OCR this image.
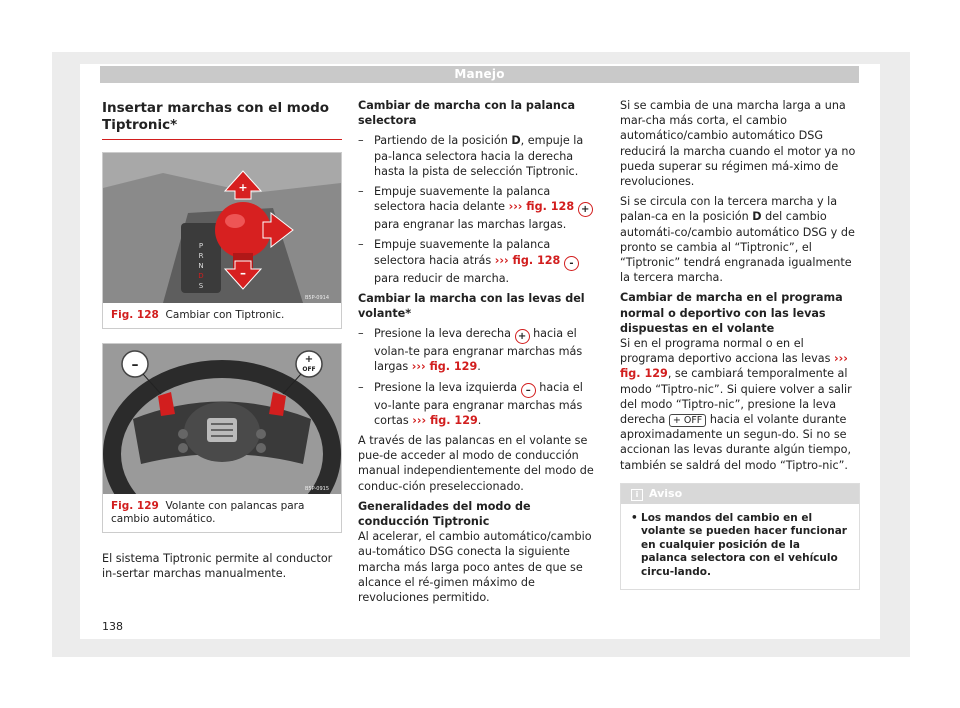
Manejo
Insertar marchas con el modo Tiptronic*
P
R
N
D
S
+
–
B5P-0914
Fig. 128 Cambiar con Tiptronic.
–	+
OFF
B5P-0915
Fig. 129 Volante con palancas para cambio automático.

El sistema Tiptronic permite al conductor in-sertar marchas manualmente.

Cambiar de marcha con la palanca selectora

– Partiendo de la posición D, empuje la pa-lanca selectora hacia la derecha hasta la pista de selección Tiptronic.
– Empuje suavemente la palanca selectora hacia delante ››› fig. 128 + para engranar las marchas largas.
– Empuje suavemente la palanca selectora hacia atrás ››› fig. 128 - para reducir de marcha.

Cambiar la marcha con las levas del volante*

– Presione la leva derecha + hacia el volan-te para engranar marchas más largas ››› fig. 129.
– Presione la leva izquierda – hacia el vo-lante para engranar marchas más cortas ››› fig. 129.

A través de las palancas en el volante se pue-de acceder al modo de conducción manual independientemente del modo de conduc-ción preseleccionado.

Generalidades del modo de conducción Tiptronic

Al acelerar, el cambio automático/cambio au-tomático DSG conecta la siguiente marcha más larga poco antes de que se alcance el ré-gimen máximo de revoluciones permitido.

Si se cambia de una marcha larga a una mar-cha más corta, el cambio automático/cambio automático DSG reducirá la marcha cuando el motor ya no pueda superar su régimen má-ximo de revoluciones.

Si se circula con la tercera marcha y la palan-ca en la posición D del cambio automáti-co/cambio automático DSG y de pronto se cambia al “Tiptronic”, el “Tiptronic” tendrá engranada igualmente la tercera marcha.

Cambiar de marcha en el programa normal o deportivo con las levas dispuestas en el volante

Si en el programa normal o en el programa deportivo acciona las levas ››› fig. 129, se cambiará temporalmente al modo “Tiptro-nic”. Si quiere volver a salir del modo “Tiptro-nic”, presione la leva derecha + OFF hacia el volante durante aproximadamente un segun-do. Si no se accionan las levas durante algún tiempo, también se saldrá del modo “Tiptro-nic”.

i Aviso
• Los mandos del cambio en el volante se pueden hacer funcionar en cualquier posición de la palanca selectora con el vehículo circu-lando.
138
